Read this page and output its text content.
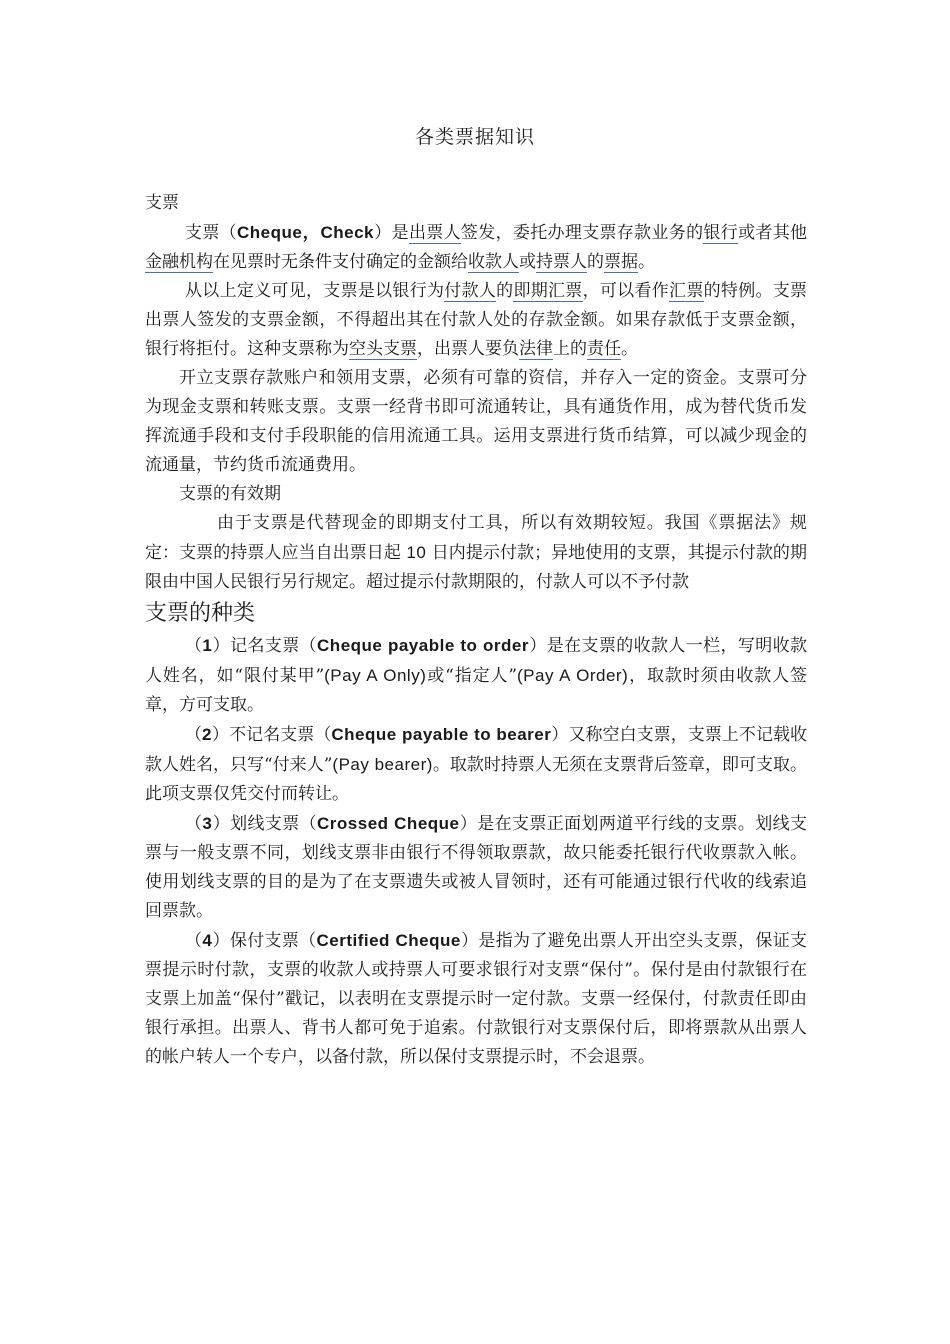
各类票据知识

支票

支票（Cheque，Check）是出票人签发，委托办理支票存款业务的银行或者其他金融机构在见票时无条件支付确定的金额给收款人或持票人的票据。

从以上定义可见，支票是以银行为付款人的即期汇票，可以看作汇票的特例。支票出票人签发的支票金额，不得超出其在付款人处的存款金额。如果存款低于支票金额，银行将拒付。这种支票称为空头支票，出票人要负法律上的责任。

开立支票存款账户和领用支票，必须有可靠的资信，并存入一定的资金。支票可分为现金支票和转账支票。支票一经背书即可流通转让，具有通货作用，成为替代货币发挥流通手段和支付手段职能的信用流通工具。运用支票进行货币结算，可以减少现金的流通量，节约货币流通费用。

支票的有效期

由于支票是代替现金的即期支付工具，所以有效期较短。我国《票据法》规定：支票的持票人应当自出票日起 10 日内提示付款；异地使用的支票，其提示付款的期限由中国人民银行另行规定。超过提示付款期限的，付款人可以不予付款

支票的种类

（1）记名支票（Cheque payable to order）是在支票的收款人一栏，写明收款人姓名，如“限付某甲”(Pay A Only)或“指定人”(Pay A Order)，取款时须由收款人签章，方可支取。

（2）不记名支票（Cheque payable to bearer）又称空白支票，支票上不记载收款人姓名，只写“付来人”(Pay bearer)。取款时持票人无须在支票背后签章，即可支取。此项支票仅凭交付而转让。

（3）划线支票（Crossed Cheque）是在支票正面划两道平行线的支票。划线支票与一般支票不同，划线支票非由银行不得领取票款，故只能委托银行代收票款入帐。使用划线支票的目的是为了在支票遗失或被人冒领时，还有可能通过银行代收的线索追回票款。

（4）保付支票（Certified Cheque）是指为了避免出票人开出空头支票，保证支票提示时付款，支票的收款人或持票人可要求银行对支票“保付”。保付是由付款银行在支票上加盖“保付”戳记，以表明在支票提示时一定付款。支票一经保付，付款责任即由银行承担。出票人、背书人都可免于追索。付款银行对支票保付后，即将票款从出票人的帐户转人一个专户，以备付款，所以保付支票提示时，不会退票。
